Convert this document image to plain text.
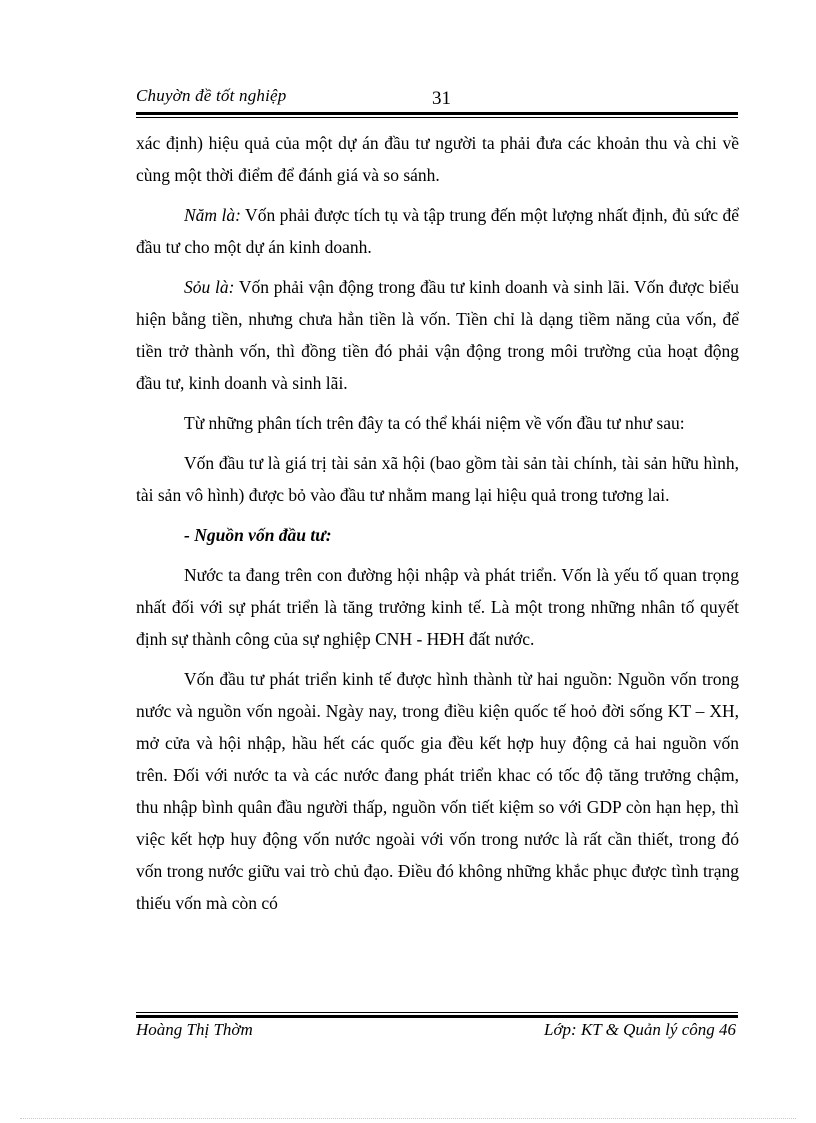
Chuyờn đề tốt nghiệp	31

xác định) hiệu quả của một dự án đầu tư người ta phải đưa các khoản thu và chi về cùng một thời điểm để đánh giá và so sánh.

Năm là: Vốn phải được tích tụ và tập trung đến một lượng nhất định, đủ sức để đầu tư cho một dự án kinh doanh.

Sỏu là: Vốn phải vận động trong đầu tư kinh doanh và sinh lãi. Vốn được biểu hiện bằng tiền, nhưng chưa hẳn tiền là vốn. Tiền chỉ là dạng tiềm năng của vốn, để tiền trở thành vốn, thì đồng tiền đó phải vận động trong môi trường của hoạt động đầu tư, kinh doanh và sinh lãi.

Từ những phân tích trên đây ta có thể khái niệm về vốn đầu tư như sau:

Vốn đầu tư là giá trị tài sản xã hội (bao gồm tài sản tài chính, tài sản hữu hình, tài sản vô hình) được bỏ vào đầu tư nhằm mang lại hiệu quả trong tương lai.

- Nguồn vốn đầu tư:

Nước ta đang trên con đường hội nhập và phát triển. Vốn là yếu tố quan trọng nhất đối với sự phát triển là tăng trưởng kinh tế. Là một trong những nhân tố quyết định sự thành công của sự nghiệp CNH - HĐH đất nước.

Vốn đầu tư phát triển kinh tế được hình thành từ hai nguồn: Nguồn vốn trong nước và nguồn vốn ngoài. Ngày nay, trong điều kiện quốc tế hoỏ đời sống KT – XH, mở cửa và hội nhập, hầu hết các quốc gia đều kết hợp huy động cả hai nguồn vốn trên. Đối với nước ta và các nước đang phát triển khac có tốc độ tăng trưởng chậm, thu nhập bình quân đầu người thấp, nguồn vốn tiết kiệm so với GDP còn hạn hẹp, thì việc kết hợp huy động vốn nước ngoài với vốn trong nước là rất cần thiết, trong đó vốn trong nước giữu vai trò chủ đạo. Điều đó không những khắc phục được tình trạng thiếu vốn mà còn có

Hoàng Thị Thờm	Lớp: KT & Quản lý công 46
